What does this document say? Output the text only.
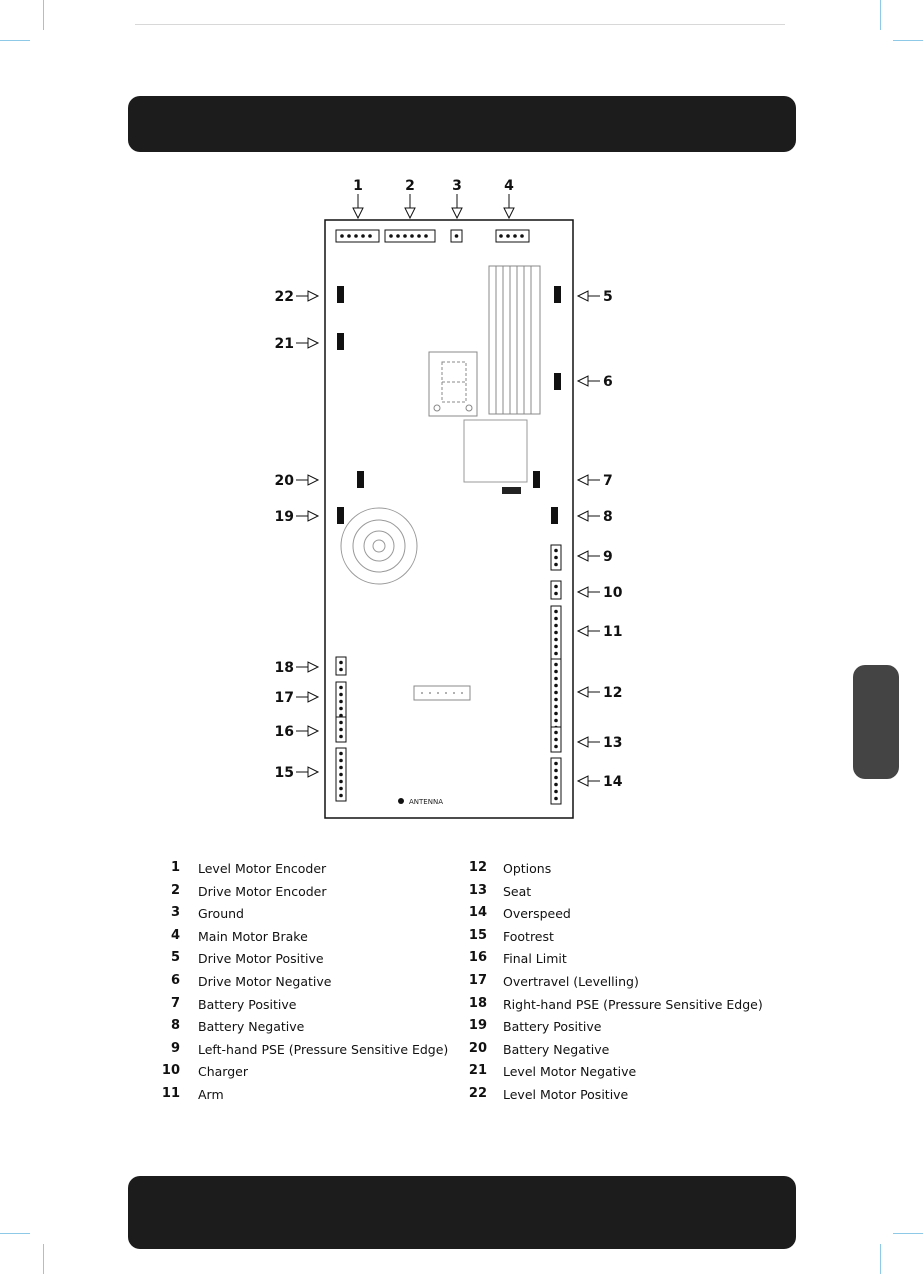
ANTENNA
1	2	3	4
5
6
7
8
9
10
11
12
13
14
15
16
17
18
19
20
21
22
1 Level Motor Encoder
2 Drive Motor Encoder
3 Ground
4 Main Motor Brake
5 Drive Motor Positive
6 Drive Motor Negative
7 Battery Positive
8 Battery Negative
9 Left-hand PSE (Pressure Sensitive Edge)
10 Charger
11 Arm
12 Options
13 Seat
14 Overspeed
15 Footrest
16 Final Limit
17 Overtravel (Levelling)
18 Right-hand PSE (Pressure Sensitive Edge)
19 Battery Positive
20 Battery Negative
21 Level Motor Negative
22 Level Motor Positive
